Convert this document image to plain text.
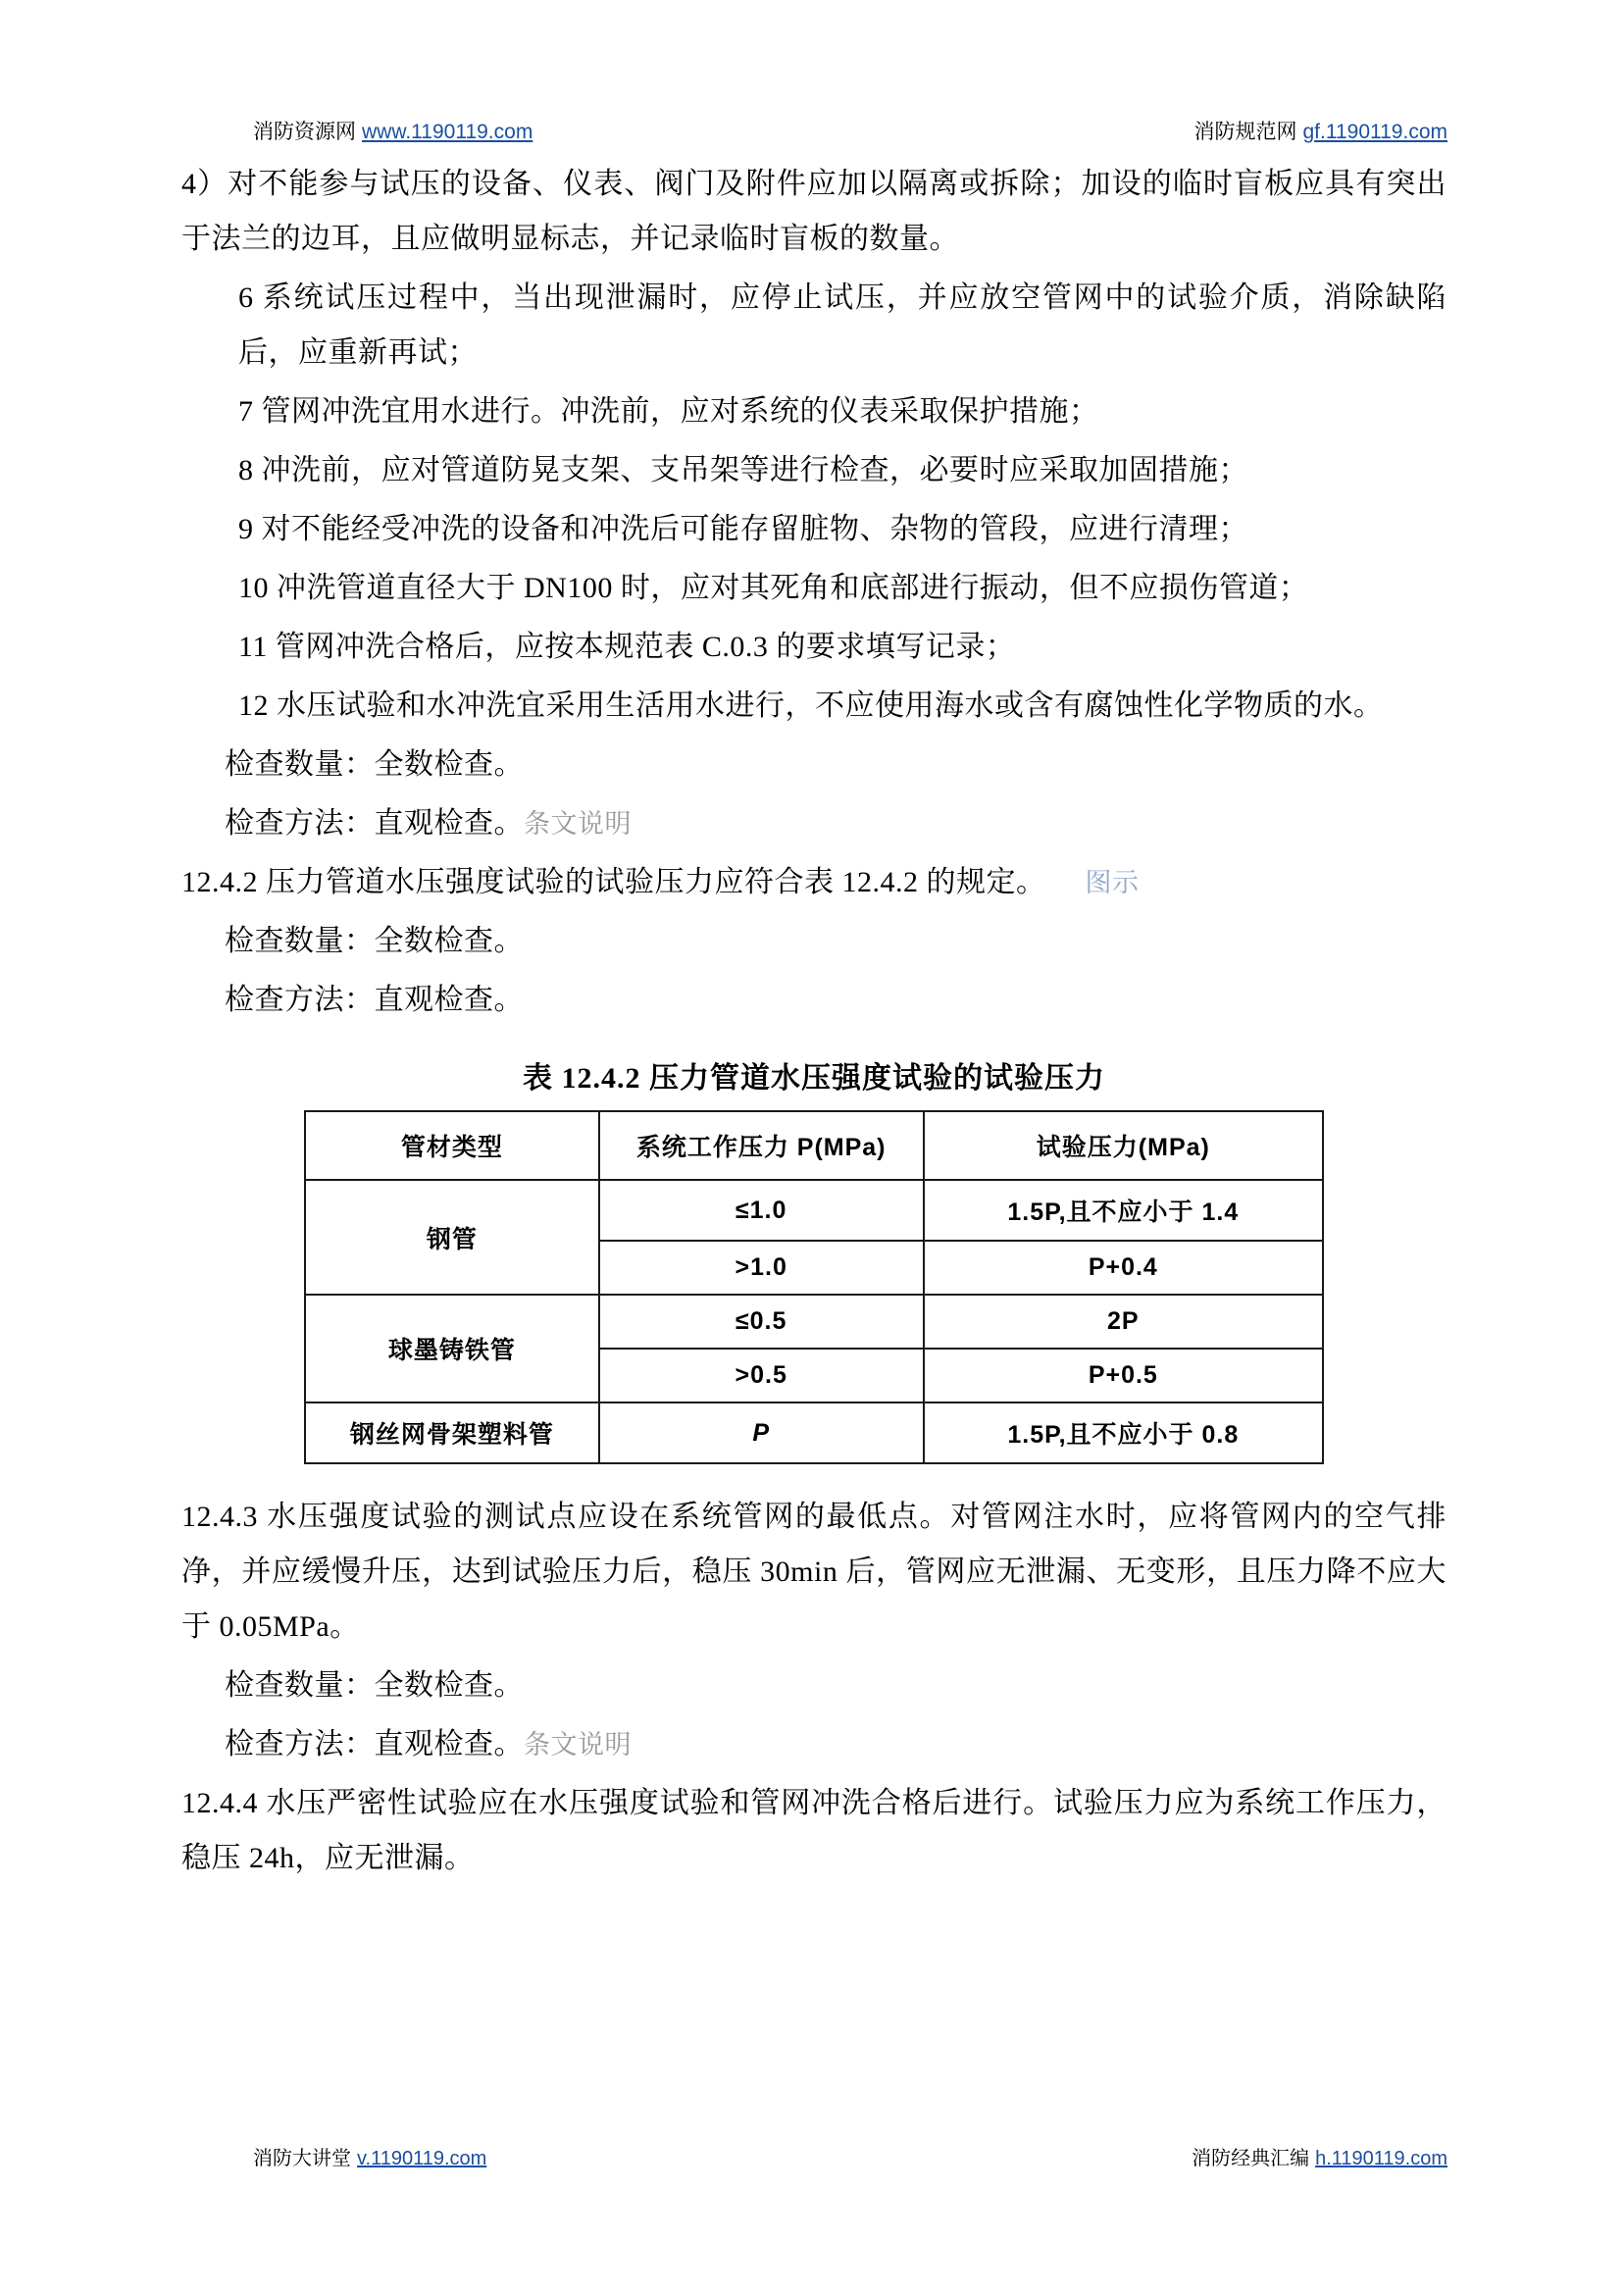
消防资源网 www.1190119.com	消防规范网 gf.1190119.com

4）对不能参与试压的设备、仪表、阀门及附件应加以隔离或拆除；加设的临时盲板应具有突出于法兰的边耳，且应做明显标志，并记录临时盲板的数量。

6 系统试压过程中，当出现泄漏时，应停止试压，并应放空管网中的试验介质，消除缺陷后，应重新再试；

7 管网冲洗宜用水进行。冲洗前，应对系统的仪表采取保护措施；

8 冲洗前，应对管道防晃支架、支吊架等进行检查，必要时应采取加固措施；

9 对不能经受冲洗的设备和冲洗后可能存留脏物、杂物的管段，应进行清理；

10 冲洗管道直径大于 DN100 时，应对其死角和底部进行振动，但不应损伤管道；

11 管网冲洗合格后，应按本规范表 C.0.3 的要求填写记录；

12 水压试验和水冲洗宜采用生活用水进行，不应使用海水或含有腐蚀性化学物质的水。

检查数量：全数检查。

检查方法：直观检查。条文说明

12.4.2 压力管道水压强度试验的试验压力应符合表 12.4.2 的规定。 图示

检查数量：全数检查。

检查方法：直观检查。

表 12.4.2 压力管道水压强度试验的试验压力
管材类型	系统工作压力 P(MPa)	试验压力(MPa)
钢管	≤1.0	1.5P,且不应小于 1.4
	>1.0	P+0.4
球墨铸铁管	≤0.5	2P
	>0.5	P+0.5
钢丝网骨架塑料管	P	1.5P,且不应小于 0.8

12.4.3 水压强度试验的测试点应设在系统管网的最低点。对管网注水时，应将管网内的空气排净，并应缓慢升压，达到试验压力后，稳压 30min 后，管网应无泄漏、无变形，且压力降不应大于 0.05MPa。

检查数量：全数检查。

检查方法：直观检查。条文说明

12.4.4 水压严密性试验应在水压强度试验和管网冲洗合格后进行。试验压力应为系统工作压力，稳压 24h，应无泄漏。

消防大讲堂 v.1190119.com	消防经典汇编 h.1190119.com
